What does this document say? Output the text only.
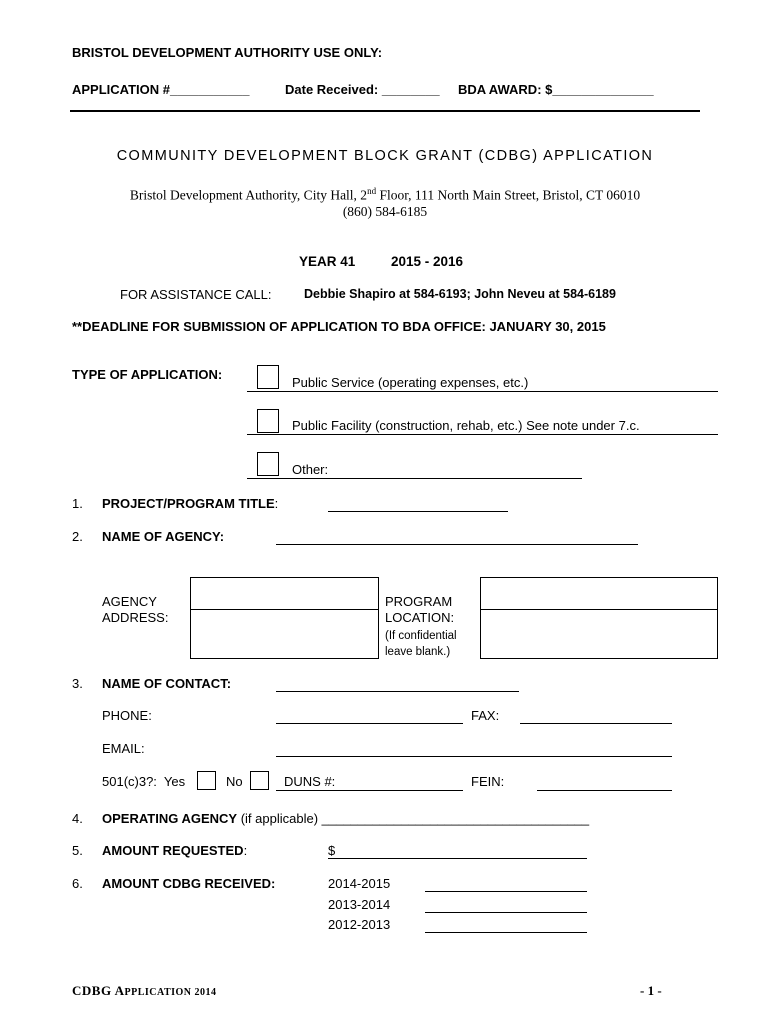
BRISTOL DEVELOPMENT AUTHORITY USE ONLY:
APPLICATION #___________	Date Received: ________ BDA AWARD: $______________
COMMUNITY DEVELOPMENT BLOCK GRANT (CDBG) APPLICATION
Bristol Development Authority, City Hall, 2nd Floor, 111 North Main Street, Bristol, CT 06010
(860) 584-6185
YEAR 41	2015 - 2016
FOR ASSISTANCE CALL:	Debbie Shapiro at 584-6193; John Neveu at 584-6189
**DEADLINE FOR SUBMISSION OF APPLICATION TO BDA OFFICE: JANUARY 30, 2015
TYPE OF APPLICATION:
Public Service (operating expenses, etc.)
Public Facility (construction, rehab, etc.) See note under 7.c.
Other:
1. PROJECT/PROGRAM TITLE:
2. NAME OF AGENCY:
AGENCY
ADDRESS:
PROGRAM
LOCATION:
(If confidential
leave blank.)
3. NAME OF CONTACT:
PHONE:	FAX:
EMAIL:
501(c)3?: Yes	No	DUNS #:	FEIN:
4. OPERATING AGENCY (if applicable) _____________________________________
5. AMOUNT REQUESTED:	$
6. AMOUNT CDBG RECEIVED:	2014-2015
2013-2014
2012-2013
CDBG APPLICATION 2014	- 1 -
